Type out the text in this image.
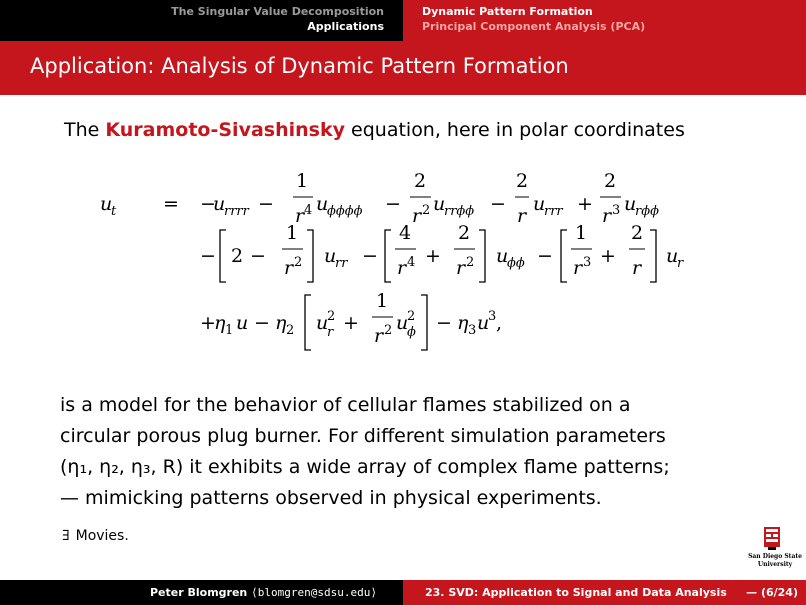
The Singular Value Decomposition
Applications
Dynamic Pattern Formation
Principal Component Analysis (PCA)
Application: Analysis of Dynamic Pattern Formation
The Kuramoto-Sivashinsky equation, here in polar coordinates
u
t = −
u
rrrr −
1
r 4 u
ϕϕϕϕ −
2
r 2 u
rrϕϕ −
2
r
u
rrr +
2
r 3 u
rϕϕ
− 2 −
1
r 2 u
rr −
4
r 4 +
2
r 2 u
ϕϕ −
1
r 3 +
2
r
u
r
+
η 1 u − η 2 u
2
r +
1
r 2 u
2
ϕ − η 3 u
3 ,

is a model for the behavior of cellular flames stabilized on a

circular porous plug burner. For different simulation parameters

(η₁, η₂, η₃, R) it exhibits a wide array of complex flame patterns;

— mimicking patterns observed in physical experiments.

∃ Movies.
San Diego State
University
Peter Blomgren ⟨blomgren@sdsu.edu⟩	23. SVD: Application to Signal and Data Analysis — (6/24)
